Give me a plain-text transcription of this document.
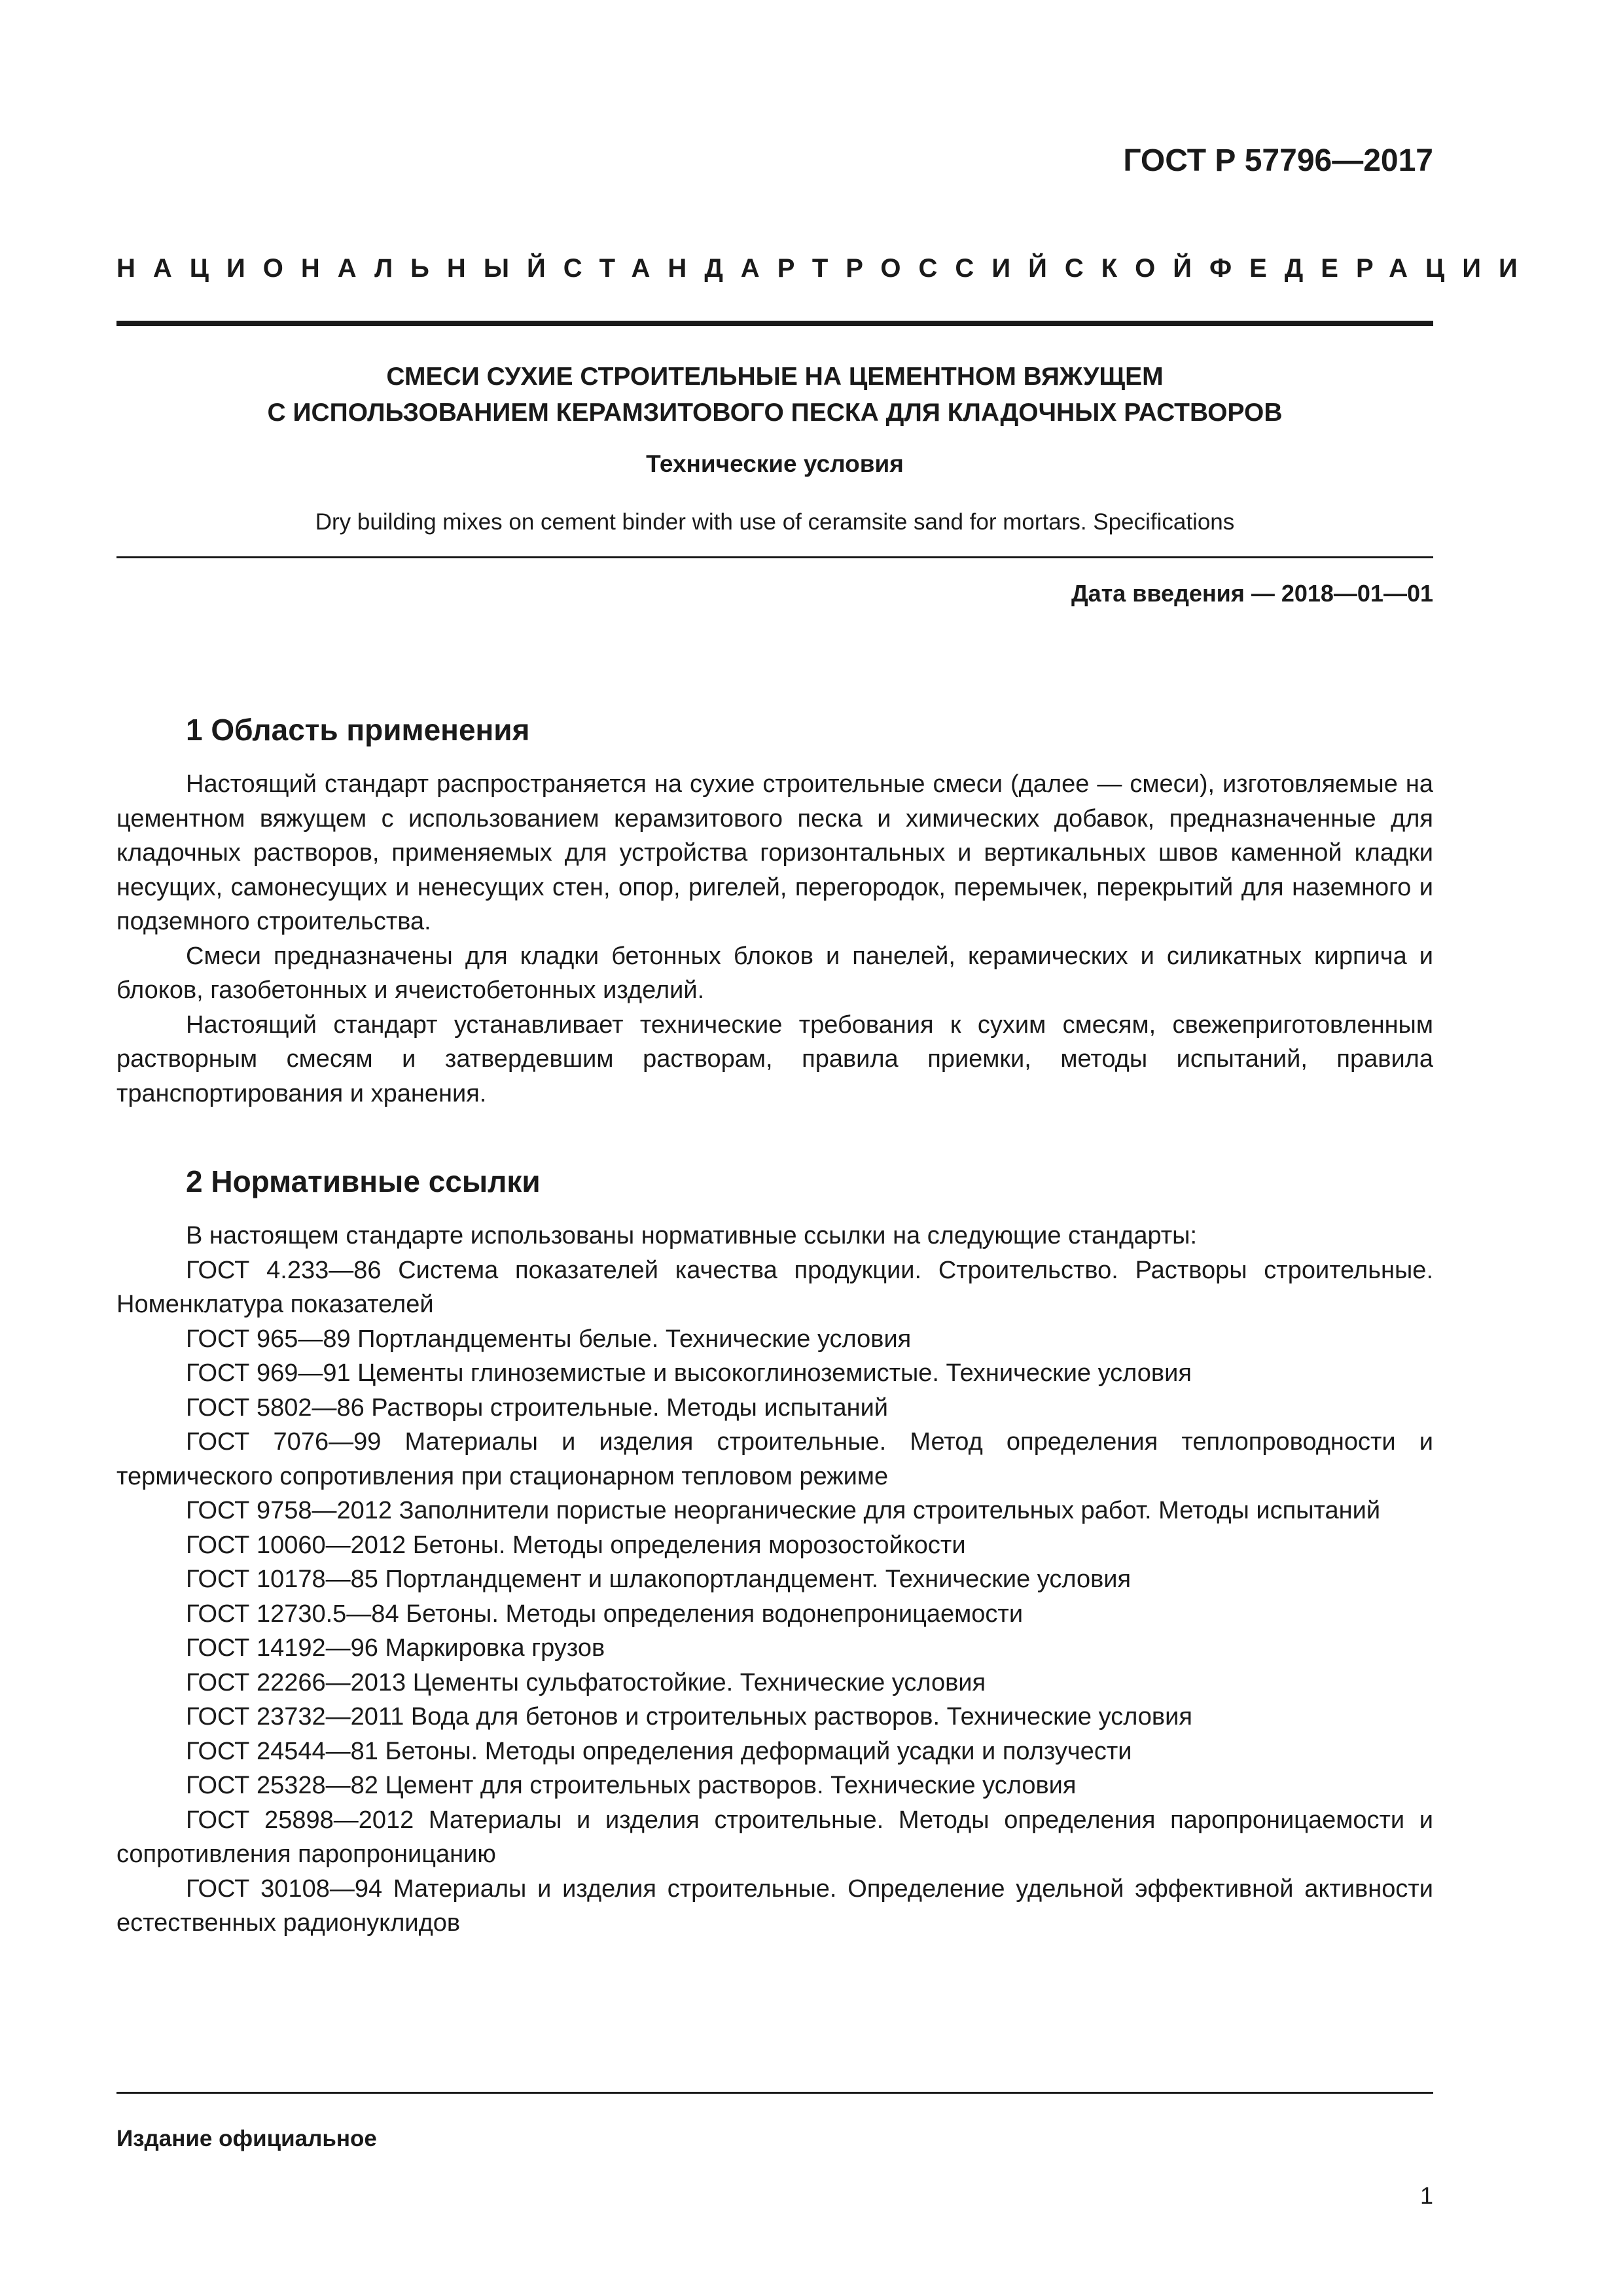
ГОСТ Р 57796—2017
НАЦИОНАЛЬНЫЙ СТАНДАРТ РОССИЙСКОЙ ФЕДЕРАЦИИ
СМЕСИ СУХИЕ СТРОИТЕЛЬНЫЕ НА ЦЕМЕНТНОМ ВЯЖУЩЕМ
С ИСПОЛЬЗОВАНИЕМ КЕРАМЗИТОВОГО ПЕСКА ДЛЯ КЛАДОЧНЫХ РАСТВОРОВ
Технические условия
Dry building mixes on cement binder with use of ceramsite sand for mortars. Specifications
Дата введения — 2018—01—01
1 Область применения

Настоящий стандарт распространяется на сухие строительные смеси (далее — смеси), изготовляемые на цементном вяжущем с использованием керамзитового песка и химических добавок, предназначенные для кладочных растворов, применяемых для устройства горизонтальных и вертикальных швов каменной кладки несущих, самонесущих и ненесущих стен, опор, ригелей, перегородок, перемычек, перекрытий для наземного и подземного строительства.

Смеси предназначены для кладки бетонных блоков и панелей, керамических и силикатных кирпича и блоков, газобетонных и ячеистобетонных изделий.

Настоящий стандарт устанавливает технические требования к сухим смесям, свежеприготовленным растворным смесям и затвердевшим растворам, правила приемки, методы испытаний, правила транспортирования и хранения.

2 Нормативные ссылки

В настоящем стандарте использованы нормативные ссылки на следующие стандарты:

ГОСТ 4.233—86 Система показателей качества продукции. Строительство. Растворы строительные. Номенклатура показателей

ГОСТ 965—89 Портландцементы белые. Технические условия

ГОСТ 969—91 Цементы глиноземистые и высокоглиноземистые. Технические условия

ГОСТ 5802—86 Растворы строительные. Методы испытаний

ГОСТ 7076—99 Материалы и изделия строительные. Метод определения теплопроводности и термического сопротивления при стационарном тепловом режиме

ГОСТ 9758—2012 Заполнители пористые неорганические для строительных работ. Методы испытаний

ГОСТ 10060—2012 Бетоны. Методы определения морозостойкости

ГОСТ 10178—85 Портландцемент и шлакопортландцемент. Технические условия

ГОСТ 12730.5—84 Бетоны. Методы определения водонепроницаемости

ГОСТ 14192—96 Маркировка грузов

ГОСТ 22266—2013 Цементы сульфатостойкие. Технические условия

ГОСТ 23732—2011 Вода для бетонов и строительных растворов. Технические условия

ГОСТ 24544—81 Бетоны. Методы определения деформаций усадки и ползучести

ГОСТ 25328—82 Цемент для строительных растворов. Технические условия

ГОСТ 25898—2012 Материалы и изделия строительные. Методы определения паропроницаемости и сопротивления паропроницанию

ГОСТ 30108—94 Материалы и изделия строительные. Определение удельной эффективной активности естественных радионуклидов

Издание официальное
1
